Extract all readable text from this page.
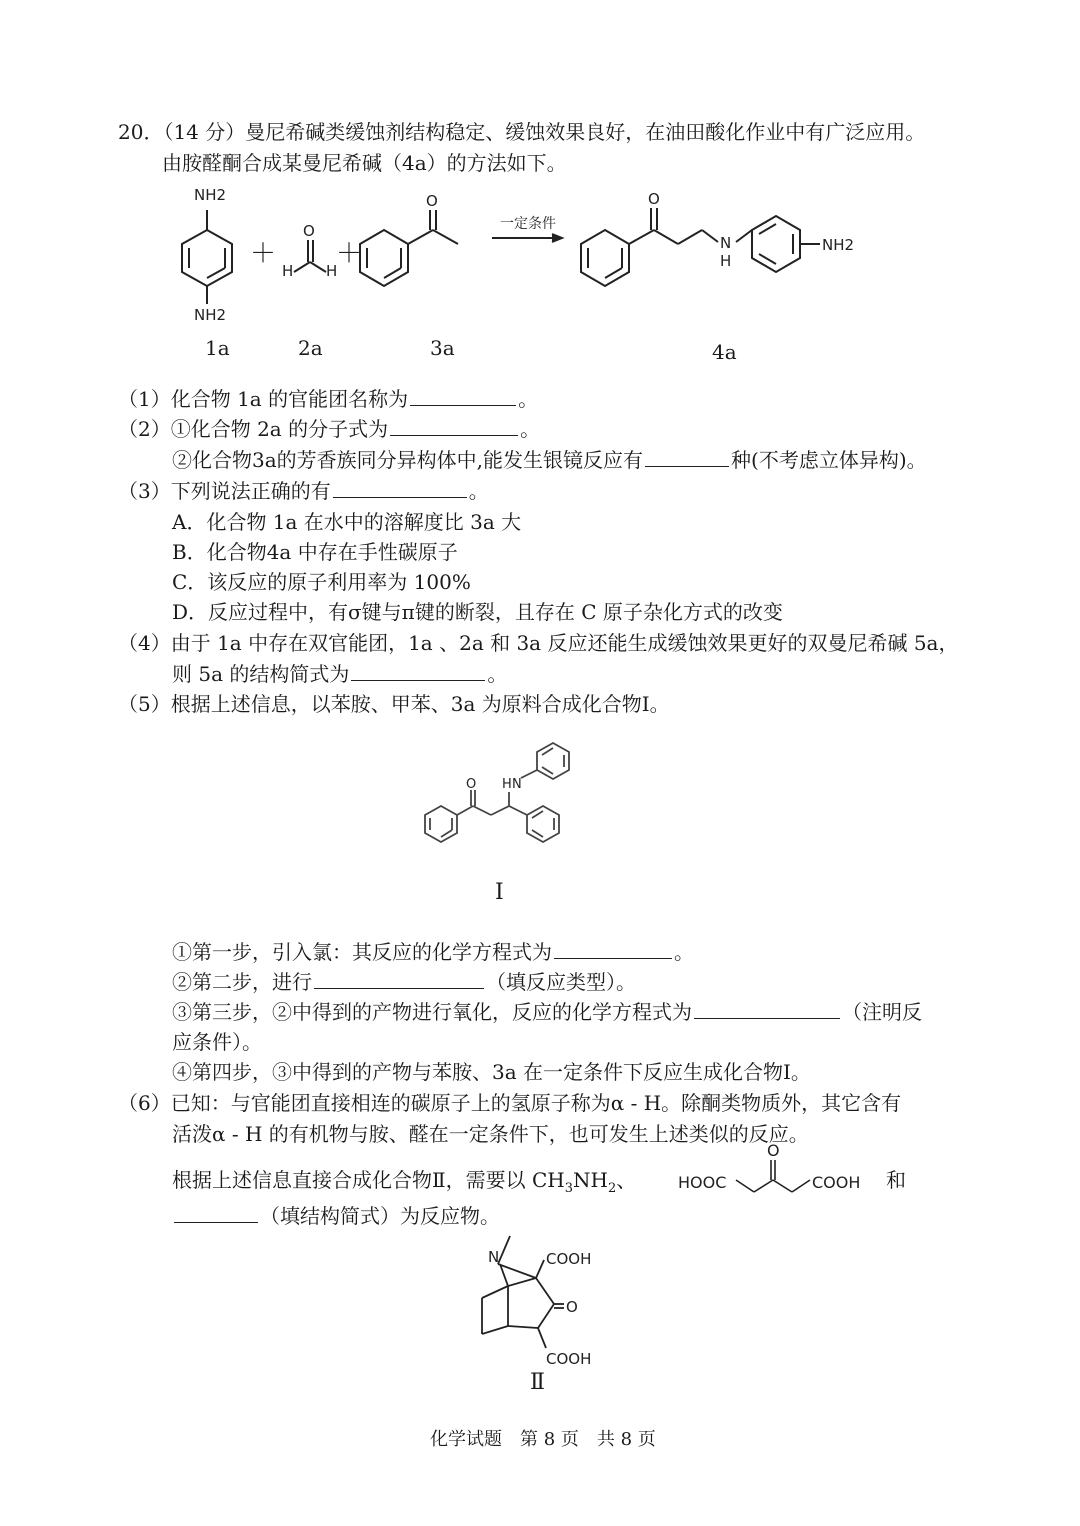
20．（14 分）曼尼希碱类缓蚀剂结构稳定、缓蚀效果良好，在油田酸化作业中有广泛应用。
由胺醛酮合成某曼尼希碱（4a）的方法如下。
NH2
NH2
O
H H
O
一定条件
O
N
H
NH2
＋ ＋
1a	2a	3a	4a
（1）化合物 1a 的官能团名称为	。
（2）①化合物 2a 的分子式为	。
②化合物3a的芳香族同分异构体中,能发生银镜反应有	种(不考虑立体异构)。
（3）下列说法正确的有	。
A．化合物 1a 在水中的溶解度比 3a 大
B．化合物4a 中存在手性碳原子
C．该反应的原子利用率为 100%
D．反应过程中，有σ键与π键的断裂，且存在 C 原子杂化方式的改变
（4）由于 1a 中存在双官能团，1a 、2a 和 3a 反应还能生成缓蚀效果更好的双曼尼希碱 5a，
则 5a 的结构简式为	。
（5）根据上述信息，以苯胺、甲苯、3a 为原料合成化合物Ⅰ。
O H N
Ⅰ
①第一步，引入氯：其反应的化学方程式为	。
②第二步，进行	（填反应类型）。
③第三步，②中得到的产物进行氧化，反应的化学方程式为	（注明反
应条件）。
④第四步，③中得到的产物与苯胺、3a 在一定条件下反应生成化合物Ⅰ。
（6）已知：与官能团直接相连的碳原子上的氢原子称为α - H。除酮类物质外，其它含有
活泼α - H 的有机物与胺、醛在一定条件下，也可发生上述类似的反应。
根据上述信息直接合成化合物Ⅱ，需要以 $CH_3NH_2$、	HOOC
O
COOH 和
（填结构简式）为反应物。
N	COOH
O
COOH
Ⅱ
化学试题　第 8 页　共 8 页
